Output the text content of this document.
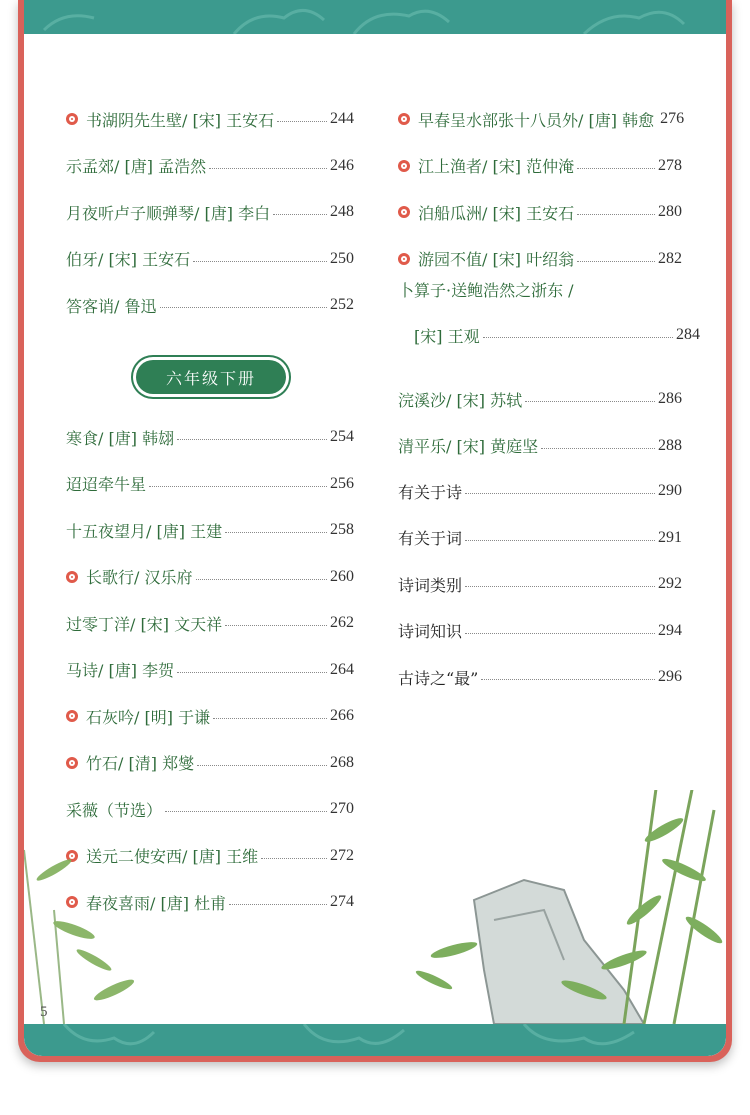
书湖阴先生壁 / [宋] 王安石	244
示孟郊 / [唐] 孟浩然	246
月夜听卢子顺弹琴 / [唐] 李白	248
伯牙 / [宋] 王安石	250
答客诮 / 鲁迅	252
六年级下册
寒食 / [唐] 韩翃	254
迢迢牵牛星	256
十五夜望月 / [唐] 王建	258
长歌行 / 汉乐府	260
过零丁洋 / [宋] 文天祥	262
马诗 / [唐] 李贺	264
石灰吟 / [明] 于谦	266
竹石 / [清] 郑燮	268
采薇（节选）	270
送元二使安西 / [唐] 王维	272
春夜喜雨 / [唐] 杜甫	274
早春呈水部张十八员外 / [唐] 韩愈 276
江上渔者 / [宋] 范仲淹	278
泊船瓜洲 / [宋] 王安石	280
游园不值 / [宋] 叶绍翁	282
卜算子·送鲍浩然之浙东 /
[宋] 王观	284
浣溪沙 / [宋] 苏轼	286
清平乐 / [宋] 黄庭坚	288
有关于诗	290
有关于词	291
诗词类别	292
诗词知识	294
古诗之“最”	296
5
